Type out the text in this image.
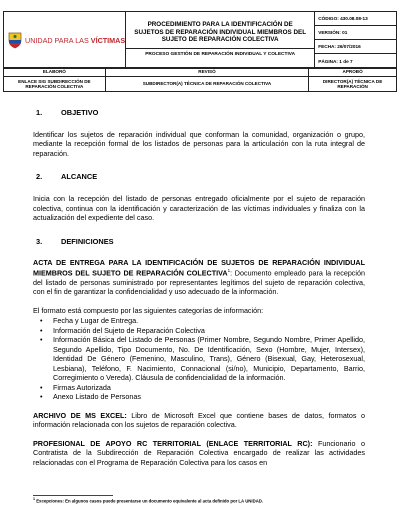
UNIDAD PARA LAS VÍCTIMAS

PROCEDIMIENTO PARA LA IDENTIFICACIÓN DE SUJETOS DE REPARACIÓN INDIVIDUAL MIEMBROS DEL SUJETO DE REPARACIÓN COLECTIVA
PROCESO GESTIÓN DE REPARACIÓN INDIVIDUAL Y COLECTIVA

CÓDIGO: 430.08.08-13
VERSIÓN: 01
FECHA: 26/07/2016
PÁGINA: 1 de 7
ELABORÓ	REVISÓ	APROBÓ
ENLACE SIG SUBDIRECCIÓN DE REPARACIÓN COLECTIVA	SUBDIRECTOR(A) TÉCNICA DE REPARACIÓN COLECTIVA	DIRECTOR(A) TÉCNICA DE REPARACIÓN
1.	OBJETIVO

Identificar los sujetos de reparación individual que conforman la comunidad, organización o grupo, mediante la recepción formal de los listados de personas para la articulación con la ruta integral de reparación.

2.	ALCANCE

Inicia con la recepción del listado de personas entregado oficialmente por el sujeto de reparación colectiva, continua con la identificación y caracterización de las víctimas individuales y finaliza con la actualización del expediente del caso.

3.	DEFINICIONES

ACTA DE ENTREGA PARA LA IDENTIFICACIÓN DE SUJETOS DE REPARACIÓN INDIVIDUAL MIEMBROS DEL SUJETO DE REPARACIÓN COLECTIVA$^1$: Documento empleado para la recepción del listado de personas suministrado por representantes legítimos del sujeto de reparación colectiva, con el fin de garantizar la confidencialidad y uso adecuado de la información.

El formato está compuesto por las siguientes categorías de información:

• Fecha y Lugar de Entrega.
• Información del Sujeto de Reparación Colectiva
• Información Básica del Listado de Personas (Primer Nombre, Segundo Nombre, Primer Apellido, Segundo Apellido, Tipo Documento, No. De Identificación, Sexo (Hombre, Mujer, Intersex), Identidad De Género (Femenino, Masculino, Trans), Género (Bisexual, Gay, Heterosexual, Lesbiana), Teléfono, F. Nacimiento, Connacional (si/no), Municipio, Departamento, Barrio, Corregimiento o Vereda). Cláusula de confidencialidad de la información.
• Firmas Autorizada
• Anexo Listado de Personas

ARCHIVO DE MS EXCEL: Libro de Microsoft Excel que contiene bases de datos, formatos o información relacionada con los sujetos de reparación colectiva.

PROFESIONAL DE APOYO RC TERRITORIAL (ENLACE TERRITORIAL RC): Funcionario o Contratista de la Subdirección de Reparación Colectiva encargado de realizar las actividades relacionadas con el Programa de Reparación Colectiva para los casos en

$^1$ Excepciones: En algunos casos puede presentarse un documento equivalente al acta definido por LA UNIDAD.
